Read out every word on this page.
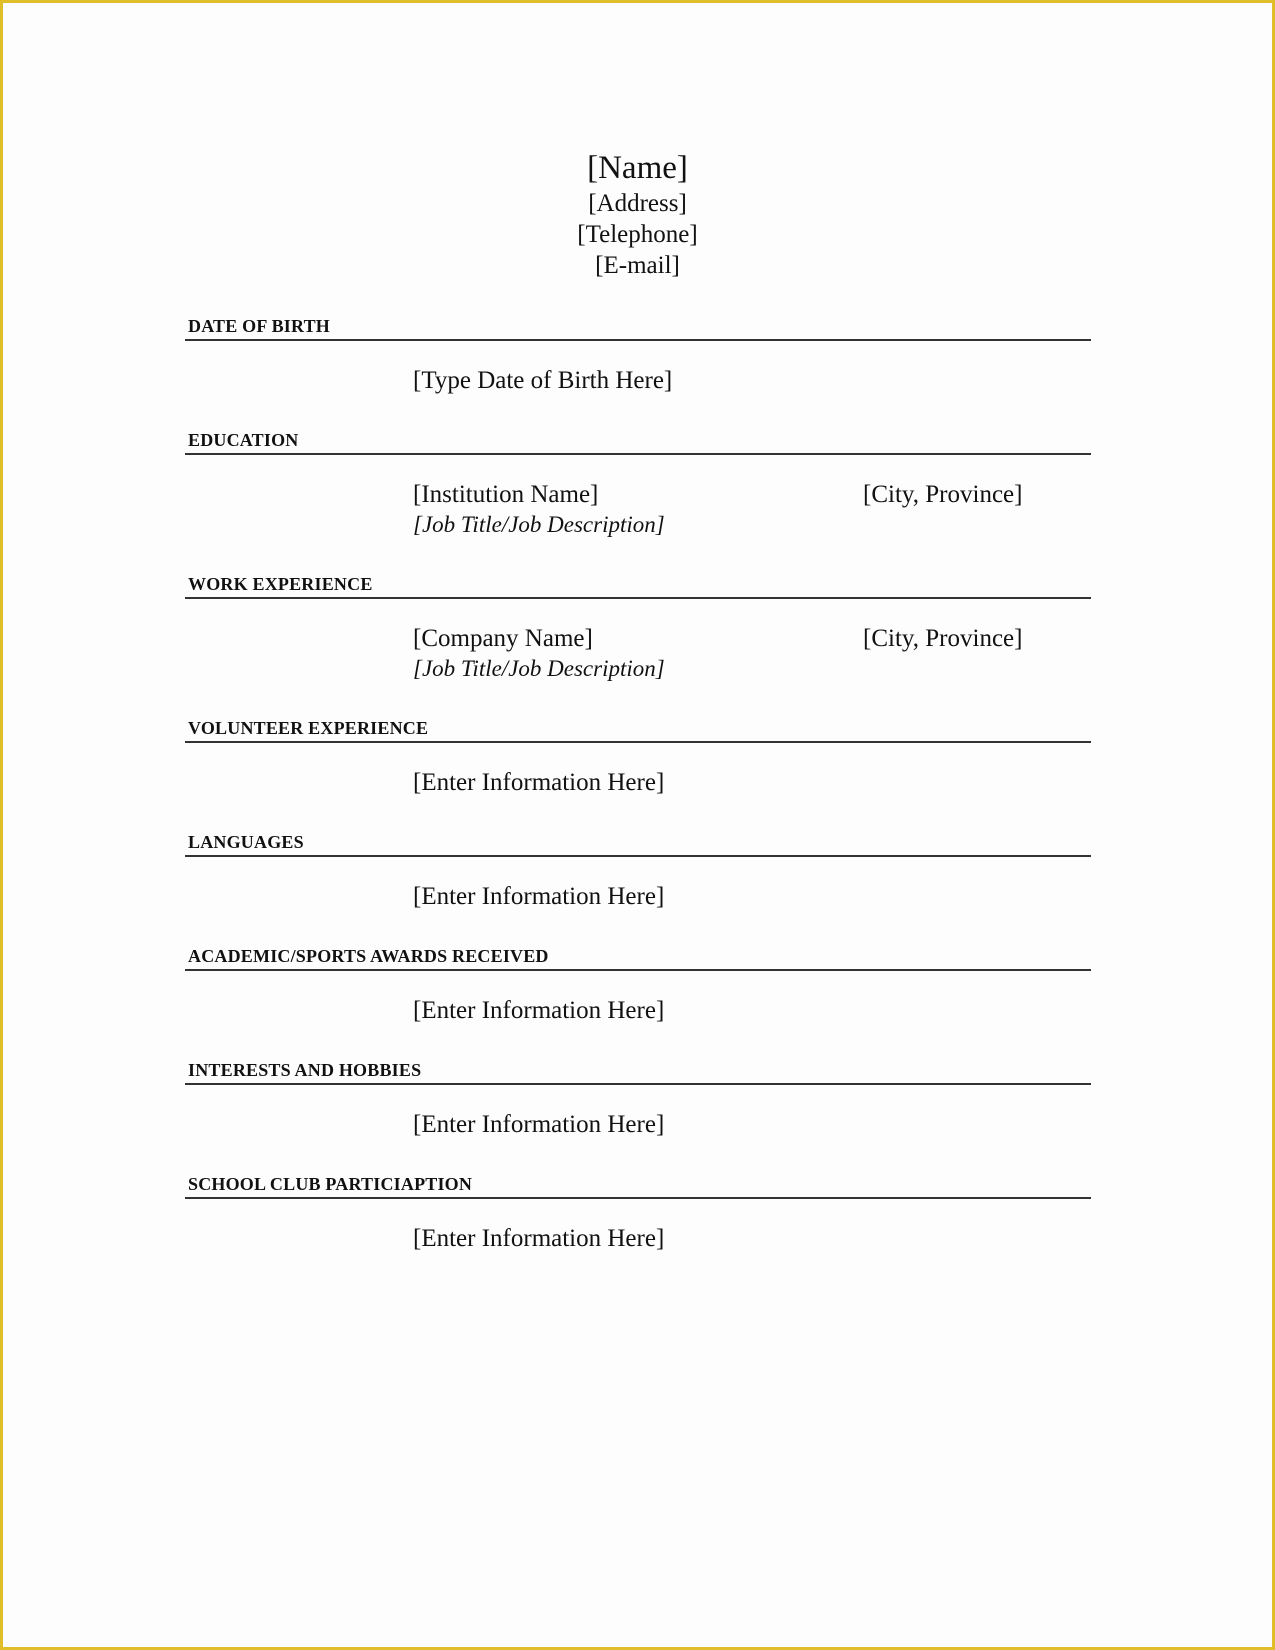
[Name]
[Address]
[Telephone]
[E-mail]
DATE OF BIRTH
[Type Date of Birth Here]
EDUCATION
[Institution Name]
[Job Title/Job Description]
[City, Province]
WORK EXPERIENCE
[Company Name]
[Job Title/Job Description]
[City, Province]
VOLUNTEER EXPERIENCE
[Enter Information Here]
LANGUAGES
[Enter Information Here]
ACADEMIC/SPORTS AWARDS RECEIVED
[Enter Information Here]
INTERESTS AND HOBBIES
[Enter Information Here]
SCHOOL CLUB PARTICIAPTION
[Enter Information Here]
